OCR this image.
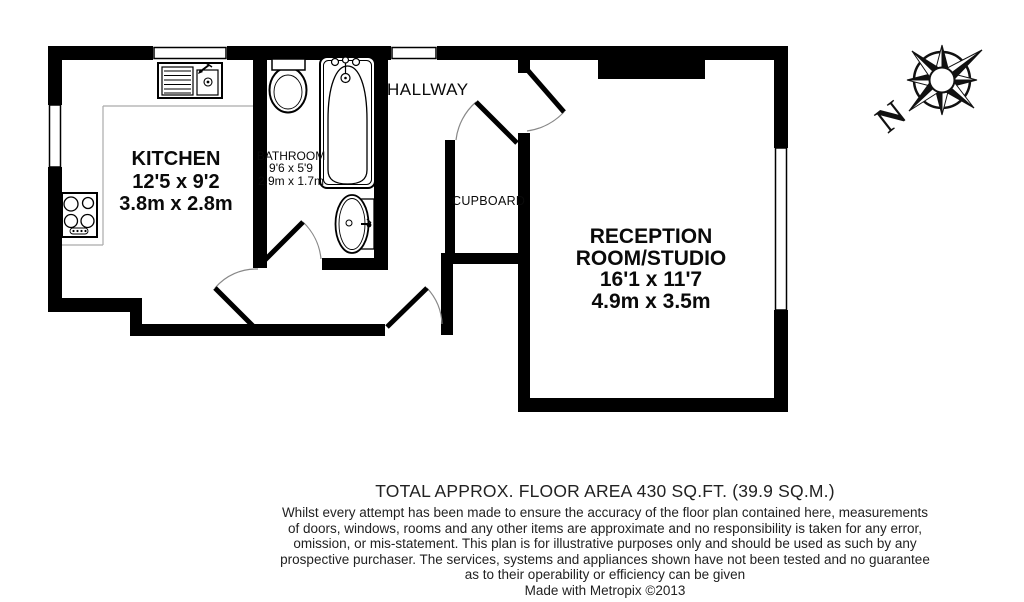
N
KITCHEN
12'5 x 9'2
3.8m x 2.8m
BATHROOM
9'6 x 5'9
2.9m x 1.7m
HALLWAY
CUPBOARD
RECEPTION
ROOM/STUDIO
16'1 x 11'7
4.9m x 3.5m
TOTAL APPROX. FLOOR AREA 430 SQ.FT. (39.9 SQ.M.)
Whilst every attempt has been made to ensure the accuracy of the floor plan contained here, measurements
of doors, windows, rooms and any other items are approximate and no responsibility is taken for any error,
omission, or mis-statement. This plan is for illustrative purposes only and should be used as such by any
prospective purchaser. The services, systems and appliances shown have not been tested and no guarantee
as to their operability or efficiency can be given
Made with Metropix ©2013
